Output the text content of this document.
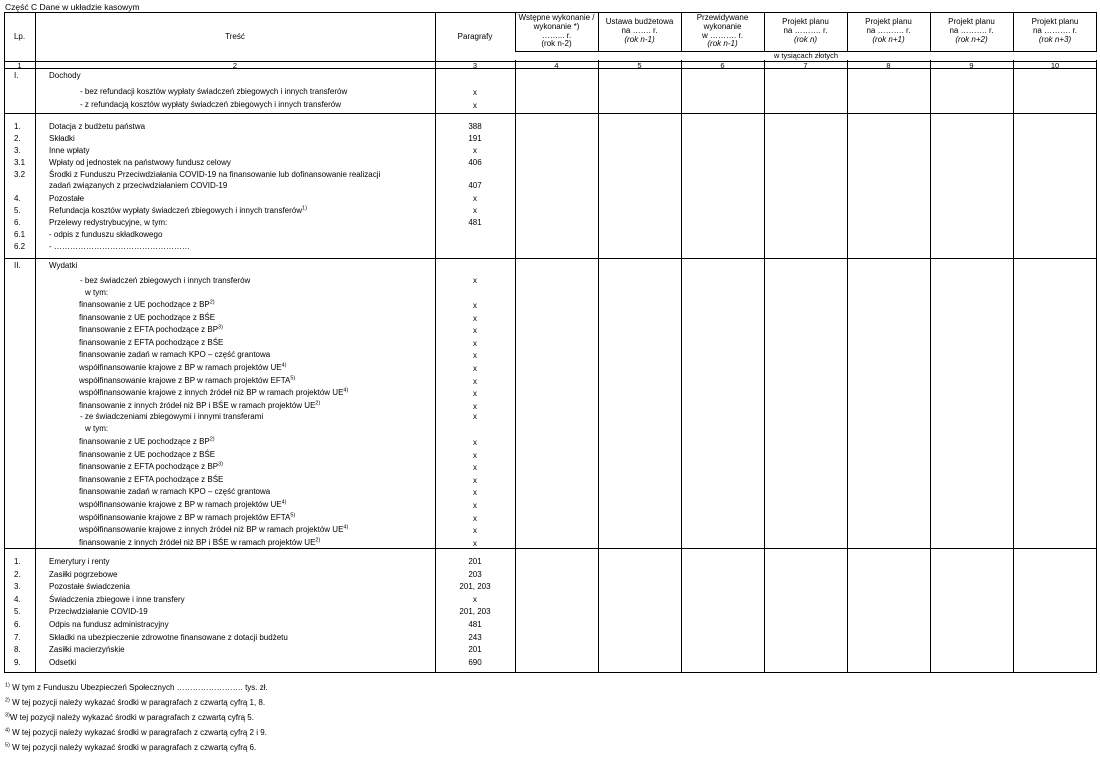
Część C Dane w układzie kasowym
Lp.	Treść	Paragrafy
Wstępne wykonanie /
wykonanie *)
……... r.
(rok n-2)
Ustawa budżetowa
na ……. r.
(rok n-1)
Przewidywane
wykonanie
w ………. r.
(rok n-1)
Projekt planu
na ………. r.
(rok n)
Projekt planu
na ………. r.
(rok n+1)
Projekt planu
na ………. r.
(rok n+2)
Projekt planu
na ………. r.
(rok n+3)
w tysiącach złotych
1	2	3	4	5	6	7	8	9	10
I.	Dochody
- bez refundacji kosztów wypłaty świadczeń zbiegowych i innych transferów	x
- z refundacją kosztów wypłaty świadczeń zbiegowych i innych transferów	x
1.	Dotacja z budżetu państwa	388
2.	Składki	191
3.	Inne wpłaty	x
3.1	Wpłaty od jednostek na państwowy fundusz celowy	406
3.2	Środki z Funduszu Przeciwdziałania COVID-19 na finansowanie lub dofinansowanie realizacji
zadań związanych z przeciwdziałaniem COVID-19	407
4.	Pozostałe	x
5.	Refundacja kosztów wypłaty świadczeń zbiegowych i innych transferów$^{1)}$	x
6.	Przelewy redystrybucyjne, w tym:	481
6.1	- odpis z funduszu składkowego
6.2	- ……………………………………………
II.	Wydatki
- bez świadczeń zbiegowych i innych transferów	x
w tym:
finansowanie z UE pochodzące z BP$^{2)}$	x
finansowanie z UE pochodzące z BŚE	x
finansowanie z EFTA pochodzące z BP$^{3)}$	x
finansowanie z EFTA pochodzące z BŚE	x
finansowanie zadań w ramach KPO – część grantowa	x
współfinansowanie krajowe z BP w ramach projektów UE$^{4)}$	x
współfinansowanie krajowe z BP w ramach projektów EFTA$^{5)}$	x
współfinansowanie krajowe z innych źródeł niż BP w ramach projektów UE$^{4)}$	x
finansowanie z innych źródeł niż BP i BŚE w ramach projektów UE$^{2)}$	x
- ze świadczeniami zbiegowymi i innymi transferami	x
w tym:
finansowanie z UE pochodzące z BP$^{2)}$	x
finansowanie z UE pochodzące z BŚE	x
finansowanie z EFTA pochodzące z BP$^{3)}$	x
finansowanie z EFTA pochodzące z BŚE	x
finansowanie zadań w ramach KPO – część grantowa	x
współfinansowanie krajowe z BP w ramach projektów UE$^{4)}$	x
współfinansowanie krajowe z BP w ramach projektów EFTA$^{5)}$	x
współfinansowanie krajowe z innych źródeł niż BP w ramach projektów UE$^{4)}$	x
finansowanie z innych źródeł niż BP i BŚE w ramach projektów UE$^{2)}$	x
1.	Emerytury i renty	201
2.	Zasiłki pogrzebowe	203
3.	Pozostałe świadczenia	201, 203
4.	Świadczenia zbiegowe i inne transfery	x
5.	Przeciwdziałanie COVID-19	201, 203
6.	Odpis na fundusz administracyjny	481
7.	Składki na ubezpieczenie zdrowotne finansowane z dotacji budżetu	243
8.	Zasiłki macierzyńskie	201
9.	Odsetki	690
$^{1)}$ W tym z Funduszu Ubezpieczeń Społecznych ……………………. tys. zł.
$^{2)}$ W tej pozycji należy wykazać środki w paragrafach z czwartą cyfrą 1, 8.
$^{3)}$W tej pozycji należy wykazać środki w paragrafach z czwartą cyfrą 5.
$^{4)}$ W tej pozycji należy wykazać środki w paragrafach z czwartą cyfrą 2 i 9.
$^{5)}$ W tej pozycji należy wykazać środki w paragrafach z czwartą cyfrą 6.
